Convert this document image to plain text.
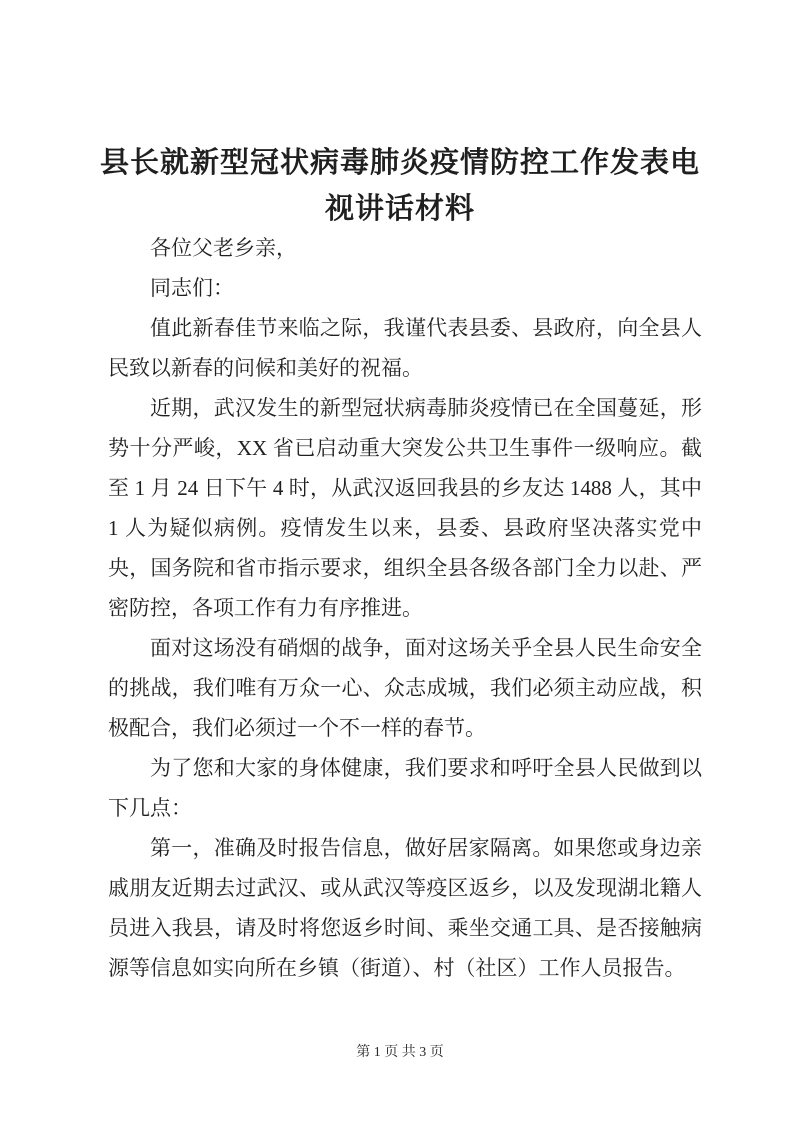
县长就新型冠状病毒肺炎疫情防控工作发表电视讲话材料

各位父老乡亲，

同志们：

值此新春佳节来临之际，我谨代表县委、县政府，向全县人民致以新春的问候和美好的祝福。

近期，武汉发生的新型冠状病毒肺炎疫情已在全国蔓延，形势十分严峻，XX 省已启动重大突发公共卫生事件一级响应。截至 1 月 24 日下午 4 时，从武汉返回我县的乡友达 1488 人，其中 1 人为疑似病例。疫情发生以来，县委、县政府坚决落实党中央，国务院和省市指示要求，组织全县各级各部门全力以赴、严密防控，各项工作有力有序推进。

面对这场没有硝烟的战争，面对这场关乎全县人民生命安全的挑战，我们唯有万众一心、众志成城，我们必须主动应战，积极配合，我们必须过一个不一样的春节。

为了您和大家的身体健康，我们要求和呼吁全县人民做到以下几点：

第一，准确及时报告信息，做好居家隔离。如果您或身边亲戚朋友近期去过武汉、或从武汉等疫区返乡，以及发现湖北籍人员进入我县，请及时将您返乡时间、乘坐交通工具、是否接触病源等信息如实向所在乡镇（街道）、村（社区）工作人员报告。

第 1 页 共 3 页
